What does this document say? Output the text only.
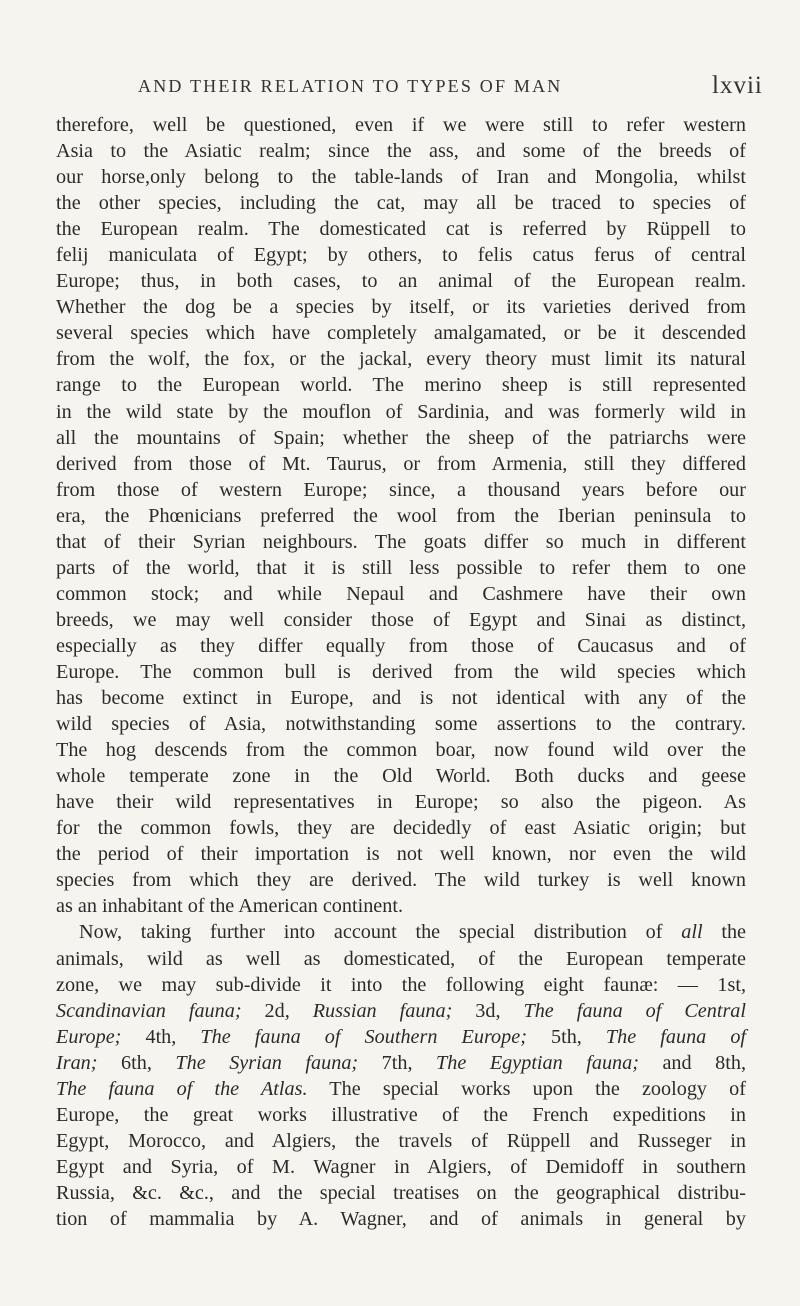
AND THEIR RELATION TO TYPES OF MAN	lxvii

therefore, well be questioned, even if we were still to refer western
Asia to the Asiatic realm; since the ass, and some of the breeds of
our horse,only belong to the table-lands of Iran and Mongolia, whilst
the other species, including the cat, may all be traced to species of
the European realm. The domesticated cat is referred by Rüppell to
feliј maniculata of Egypt; by others, to felis catus ferus of central
Europe; thus, in both cases, to an animal of the European realm.
Whether the dog be a species by itself, or its varieties derived from
several species which have completely amalgamated, or be it descended
from the wolf, the fox, or the jackal, every theory must limit its natural
range to the European world. The merino sheep is still represented
in the wild state by the mouflon of Sardinia, and was formerly wild in
all the mountains of Spain; whether the sheep of the patriarchs were
derived from those of Mt. Taurus, or from Armenia, still they differed
from those of western Europe; since, a thousand years before our
era, the Phœnicians preferred the wool from the Iberian peninsula to
that of their Syrian neighbours. The goats differ so much in different
parts of the world, that it is still less possible to refer them to one
common stock; and while Nepaul and Cashmere have their own
breeds, we may well consider those of Egypt and Sinai as distinct,
especially as they differ equally from those of Caucasus and of
Europe. The common bull is derived from the wild species which
has become extinct in Europe, and is not identical with any of the
wild species of Asia, notwithstanding some assertions to the contrary.
The hog descends from the common boar, now found wild over the
whole temperate zone in the Old World. Both ducks and geese
have their wild representatives in Europe; so also the pigeon. As
for the common fowls, they are decidedly of east Asiatic origin; but
the period of their importation is not well known, nor even the wild
species from which they are derived. The wild turkey is well known
as an inhabitant of the American continent.

Now, taking further into account the special distribution of all the

animals, wild as well as domesticated, of the European temperate
zone, we may sub-divide it into the following eight faunæ: — 1st,
Scandinavian fauna; 2d, Russian fauna; 3d, The fauna of Central
Europe; 4th, The fauna of Southern Europe; 5th, The fauna of
Iran; 6th, The Syrian fauna; 7th, The Egyptian fauna; and 8th,
The fauna of the Atlas. The special works upon the zoology of
Europe, the great works illustrative of the French expeditions in
Egypt, Morocco, and Algiers, the travels of Rüppell and Russeger in
Egypt and Syria, of M. Wagner in Algiers, of Demidoff in southern
Russia, &c. &c., and the special treatises on the geographical distribu-
tion of mammalia by A. Wagner, and of animals in general by
